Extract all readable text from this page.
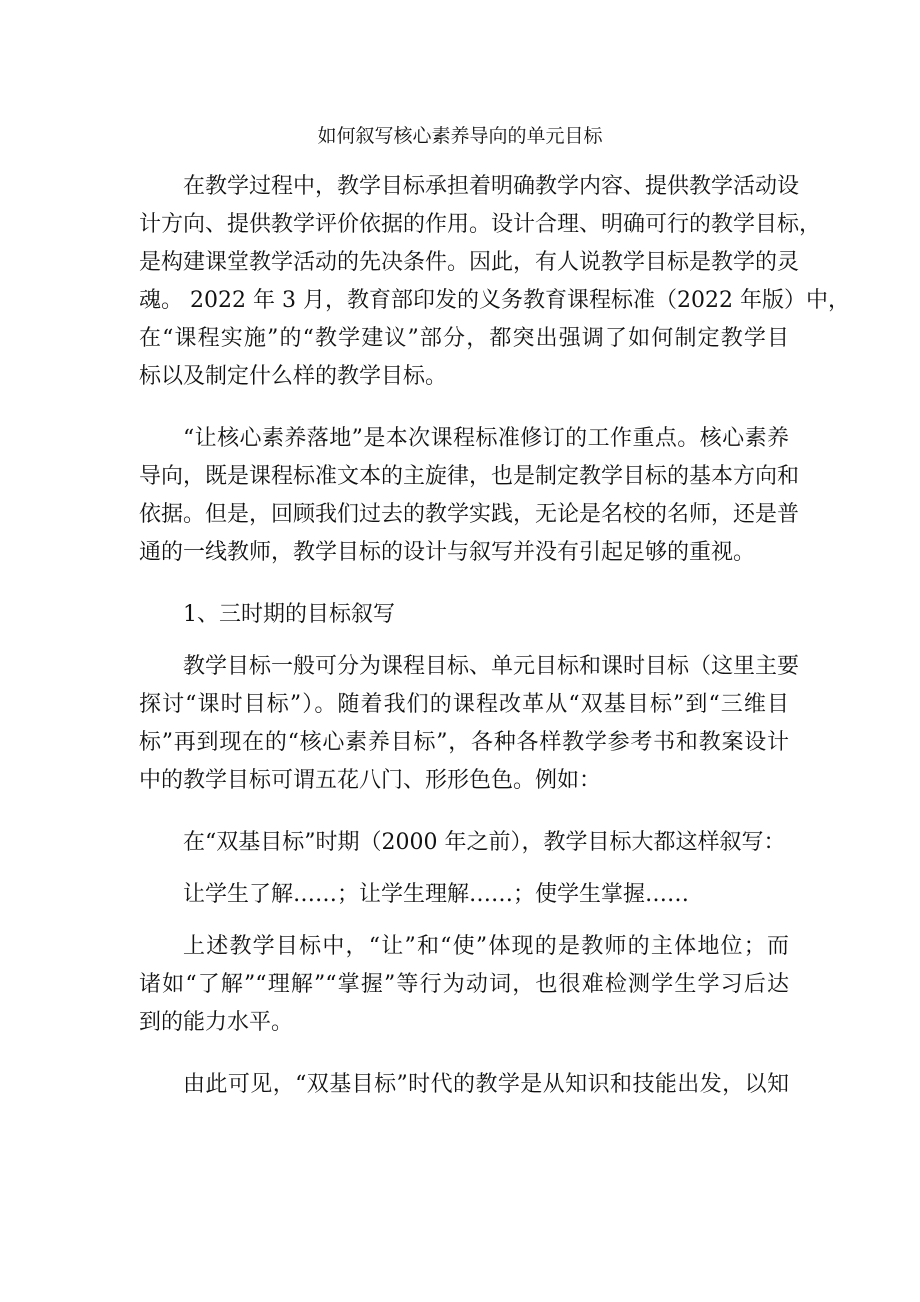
如何叙写核心素养导向的单元目标
在教学过程中，教学目标承担着明确教学内容、提供教学活动设
计方向、提供教学评价依据的作用。设计合理、明确可行的教学目标，
是构建课堂教学活动的先决条件。因此，有人说教学目标是教学的灵
魂。 2022 年 3 月，教育部印发的义务教育课程标准（2022 年版）中，
在“课程实施”的“教学建议”部分，都突出强调了如何制定教学目
标以及制定什么样的教学目标。
“让核心素养落地”是本次课程标准修订的工作重点。核心素养
导向，既是课程标准文本的主旋律，也是制定教学目标的基本方向和
依据。但是，回顾我们过去的教学实践，无论是名校的名师，还是普
通的一线教师，教学目标的设计与叙写并没有引起足够的重视。
1、三时期的目标叙写
教学目标一般可分为课程目标、单元目标和课时目标（这里主要
探讨“课时目标”）。随着我们的课程改革从“双基目标”到“三维目
标”再到现在的“核心素养目标”，各种各样教学参考书和教案设计
中的教学目标可谓五花八门、形形色色。例如：
在“双基目标”时期（2000 年之前），教学目标大都这样叙写：
让学生了解……；让学生理解……；使学生掌握……
上述教学目标中，“让”和“使”体现的是教师的主体地位；而
诸如“了解”“理解”“掌握”等行为动词，也很难检测学生学习后达
到的能力水平。
由此可见，“双基目标”时代的教学是从知识和技能出发，以知
